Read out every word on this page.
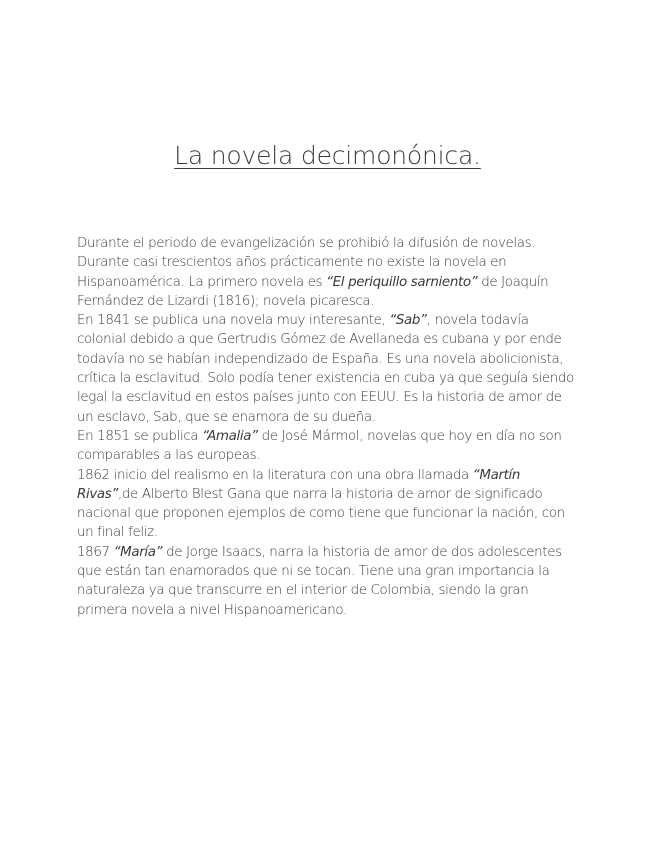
La novela decimonónica.

Durante el periodo de evangelización se prohibió la difusión de novelas. Durante casi trescientos años prácticamente no existe la novela en Hispanoamérica. La primero novela es “El periquillo sarniento” de Joaquín Fernández de Lizardi (1816); novela picaresca.

En 1841 se publica una novela muy interesante, “Sab”, novela todavía colonial debido a que Gertrudis Gómez de Avellaneda es cubana y por ende todavía no se habían independizado de España. Es una novela abolicionista, crítica la esclavitud. Solo podía tener existencia en cuba ya que seguía siendo legal la esclavitud en estos países junto con EEUU. Es la historia de amor de un esclavo, Sab, que se enamora de su dueña.

En 1851 se publica “Amalia” de José Mármol, novelas que hoy en día no son comparables a las europeas.

1862 inicio del realismo en la literatura con una obra llamada “Martín Rivas”,de Alberto Blest Gana que narra la historia de amor de significado nacional que proponen ejemplos de como tiene que funcionar la nación, con un final feliz.

1867 “María” de Jorge Isaacs, narra la historia de amor de dos adolescentes que están tan enamorados que ni se tocan. Tiene una gran importancia la naturaleza ya que transcurre en el interior de Colombia, siendo la gran primera novela a nivel Hispanoamericano.
